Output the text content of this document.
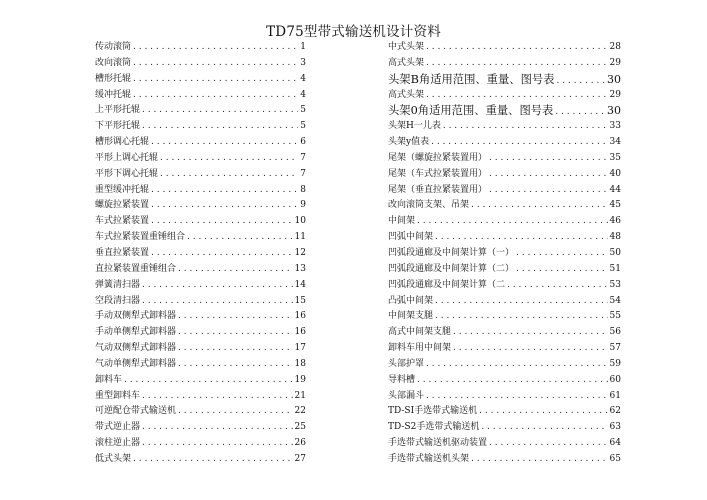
TD75型带式输送机设计资料
传动滚筒 . . .	1
改向滚筒 . . .	3
槽形托辊 . . .	4
缓冲托辊 . . .	4
上平形托辊 . . .	5
下平形托辊 . . .	5
槽形调心托辊 . . .	6
平形上调心托辊 . . .	7
平形下调心托辊 . . .	7
重型缓冲托辊 . . .	8
螺旋拉紧装置 . . .	9
车式拉紧装置 . . .	10
车式拉紧装置重锤组合 . . .	11
垂直拉紧装置 . . .	12
直拉紧装置重锤组合 . . .	13
弹簧清扫器 . . .	14
空段清扫器 . . .	15
手动双侧犁式卸料器 . . .	16
手动单侧犁式卸料器 . . .	16
气动双侧犁式卸料器 . . .	17
气动单侧犁式卸料器 . . .	18
卸料车 . . .	19
重型卸料车 . . .	21
可逆配仓带式输送机 . . .	22
带式逆止器 . . .	25
滚柱逆止器 . . .	26
低式头架 . . .	27
中式头架 . . .	28
高式头架 . . .	29
头架B角适用范围、重量、图号表 . . .	30
高式头架 . . .	29
头架0角适用范围、重量、图号表 . . .	30
头架H一儿表 . . .	33
头架y值表 . . .	34
尾架（螺旋拉紧装置用） . . .	35
尾架（车式拉紧装置用） . . .	40
尾架（垂直拉紧装置用） . . .	44
改向滚筒支架、吊架 . . .	45
中间架 . . .	46
凹弧中间架 . . .	48
凹弧段通廊及中间架计算（一） . . .	50
凹弧段通廊及中间架计算（二） . . .	51
凹弧段通廊及中间架计算（二 . . .	53
凸弧中间架 . . .	54
中间架支腿 . . .	55
高式中间架支腿 . . .	56
卸料车用中间架 . . .	57
头部护罩 . . .	59
导料槽 . . .	60
头部漏斗 . . .	61
TD-SI手选带式输送机 . . .	62
TD-S2手选带式输送机 . . .	63
手选带式输送机驱动装置 . . .	64
手选带式输送机头架 . . .	65
